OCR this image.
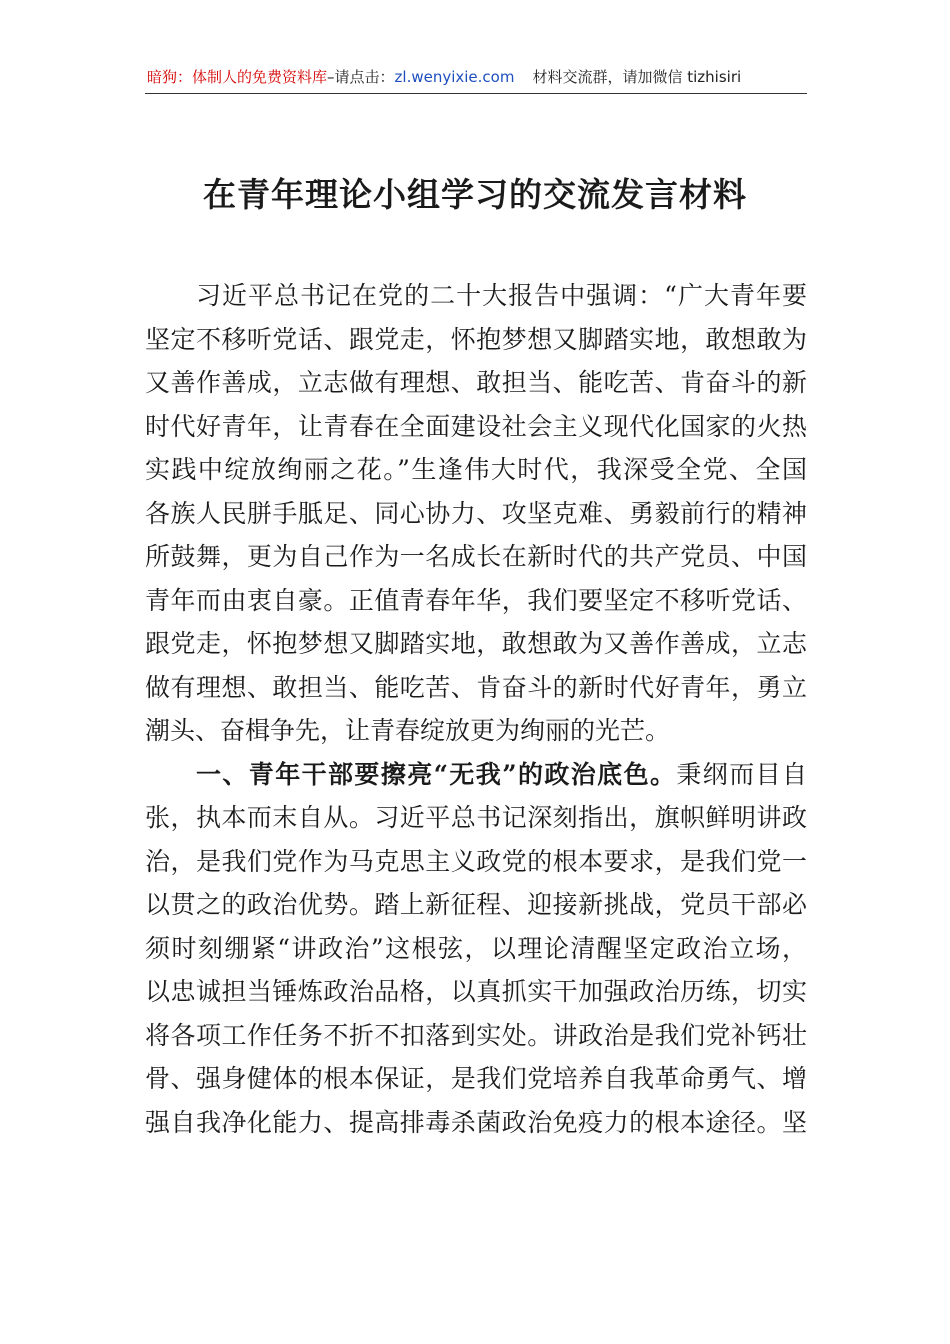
暗狗：体制人的免费资料库–请点击：zl.wenyixie.com 材料交流群，请加微信 tizhisiri
在青年理论小组学习的交流发言材料
习近平总书记在党的二十大报告中强调：“广大青年要
坚定不移听党话、跟党走，怀抱梦想又脚踏实地，敢想敢为
又善作善成，立志做有理想、敢担当、能吃苦、肯奋斗的新
时代好青年，让青春在全面建设社会主义现代化国家的火热
实践中绽放绚丽之花。”生逢伟大时代，我深受全党、全国
各族人民胼手胝足、同心协力、攻坚克难、勇毅前行的精神
所鼓舞，更为自己作为一名成长在新时代的共产党员、中国
青年而由衷自豪。正值青春年华，我们要坚定不移听党话、
跟党走，怀抱梦想又脚踏实地，敢想敢为又善作善成，立志
做有理想、敢担当、能吃苦、肯奋斗的新时代好青年，勇立
潮头、奋楫争先，让青春绽放更为绚丽的光芒。
一、青年干部要擦亮“无我”的政治底色。秉纲而目自
张，执本而末自从。习近平总书记深刻指出，旗帜鲜明讲政
治，是我们党作为马克思主义政党的根本要求，是我们党一
以贯之的政治优势。踏上新征程、迎接新挑战，党员干部必
须时刻绷紧“讲政治”这根弦，以理论清醒坚定政治立场，
以忠诚担当锤炼政治品格，以真抓实干加强政治历练，切实
将各项工作任务不折不扣落到实处。讲政治是我们党补钙壮
骨、强身健体的根本保证，是我们党培养自我革命勇气、增
强自我净化能力、提高排毒杀菌政治免疫力的根本途径。坚
